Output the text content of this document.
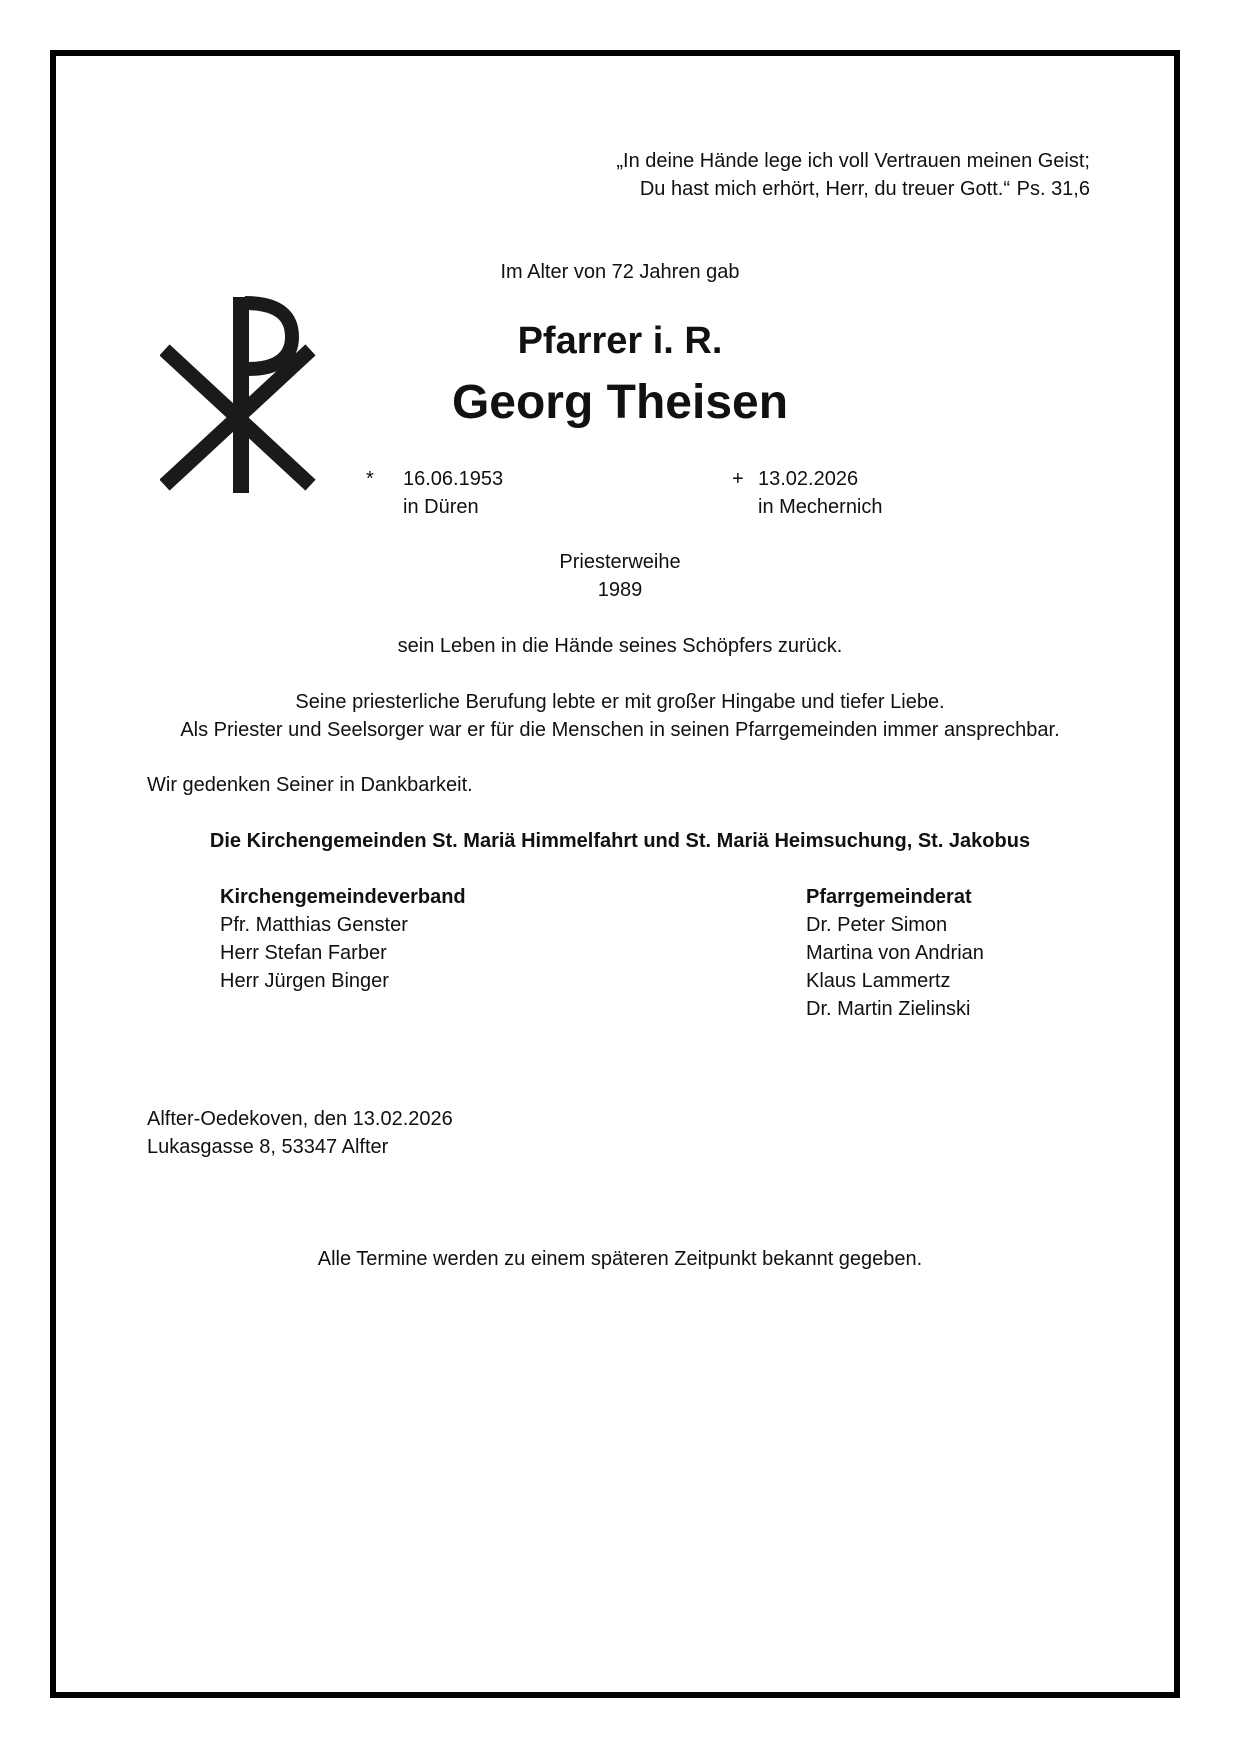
„In deine Hände lege ich voll Vertrauen meinen Geist;
Du hast mich erhört, Herr, du treuer Gott.“ Ps. 31,6
Im Alter von 72 Jahren gab
Pfarrer i. R.
Georg Theisen
* 16.06.1953
in Düren
+ 13.02.2026
in Mechernich
Priesterweihe
1989
sein Leben in die Hände seines Schöpfers zurück.
Seine priesterliche Berufung lebte er mit großer Hingabe und tiefer Liebe.
Als Priester und Seelsorger war er für die Menschen in seinen Pfarrgemeinden immer ansprechbar.
Wir gedenken Seiner in Dankbarkeit.
Die Kirchengemeinden St. Mariä Himmelfahrt und St. Mariä Heimsuchung, St. Jakobus
Kirchengemeindeverband
Pfr. Matthias Genster
Herr Stefan Farber
Herr Jürgen Binger
Pfarrgemeinderat
Dr. Peter Simon
Martina von Andrian
Klaus Lammertz
Dr. Martin Zielinski
Alfter-Oedekoven, den 13.02.2026
Lukasgasse 8, 53347 Alfter
Alle Termine werden zu einem späteren Zeitpunkt bekannt gegeben.
